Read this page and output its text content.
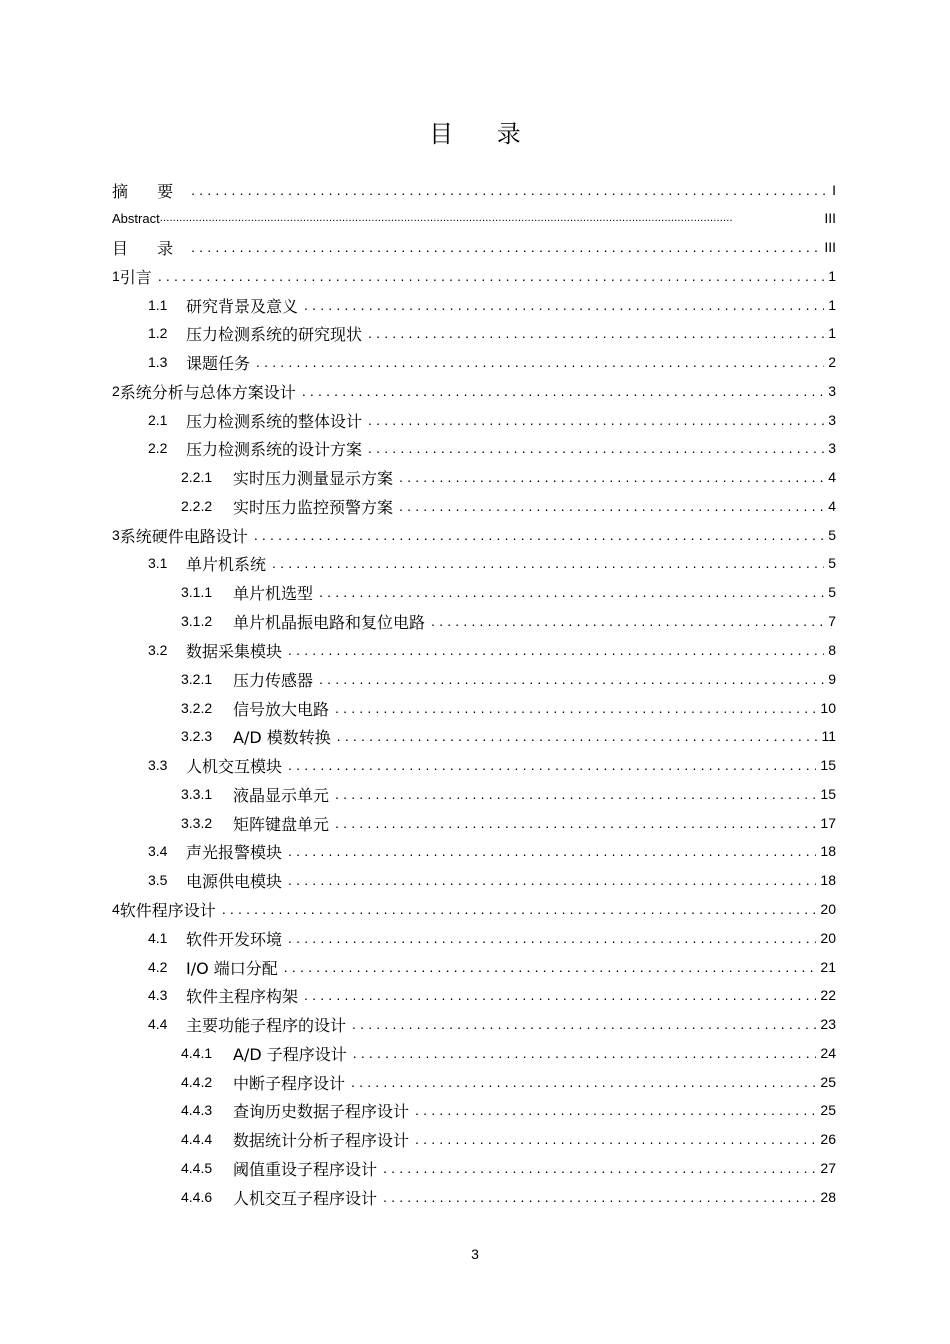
目 录
摘 要 .....	I
Abstract .....	III
目 录 .....	III
1 引言 .....	1
1.1	研究背景及意义 .....	1
1.2	压力检测系统的研究现状 .....	1
1.3	课题任务 .....	2
2 系统分析与总体方案设计 .....	3
2.1	压力检测系统的整体设计 .....	3
2.2	压力检测系统的设计方案 .....	3
2.2.1	实时压力测量显示方案 .....	4
2.2.2	实时压力监控预警方案 .....	4
3 系统硬件电路设计 .....	5
3.1	单片机系统 .....	5
3.1.1	单片机选型 .....	5
3.1.2	单片机晶振电路和复位电路 .....	7
3.2	数据采集模块 .....	8
3.2.1	压力传感器 .....	9
3.2.2	信号放大电路 .....	10
3.2.3	A/D 模数转换 .....	11
3.3	人机交互模块 .....	15
3.3.1	液晶显示单元 .....	15
3.3.2	矩阵键盘单元 .....	17
3.4	声光报警模块 .....	18
3.5	电源供电模块 .....	18
4 软件程序设计 .....	20
4.1	软件开发环境 .....	20
4.2	I/O 端口分配 .....	21
4.3	软件主程序构架 .....	22
4.4	主要功能子程序的设计 .....	23
4.4.1	A/D 子程序设计 .....	24
4.4.2	中断子程序设计 .....	25
4.4.3	查询历史数据子程序设计 .....	25
4.4.4	数据统计分析子程序设计 .....	26
4.4.5	阈值重设子程序设计 .....	27
4.4.6	人机交互子程序设计 .....	28
3
